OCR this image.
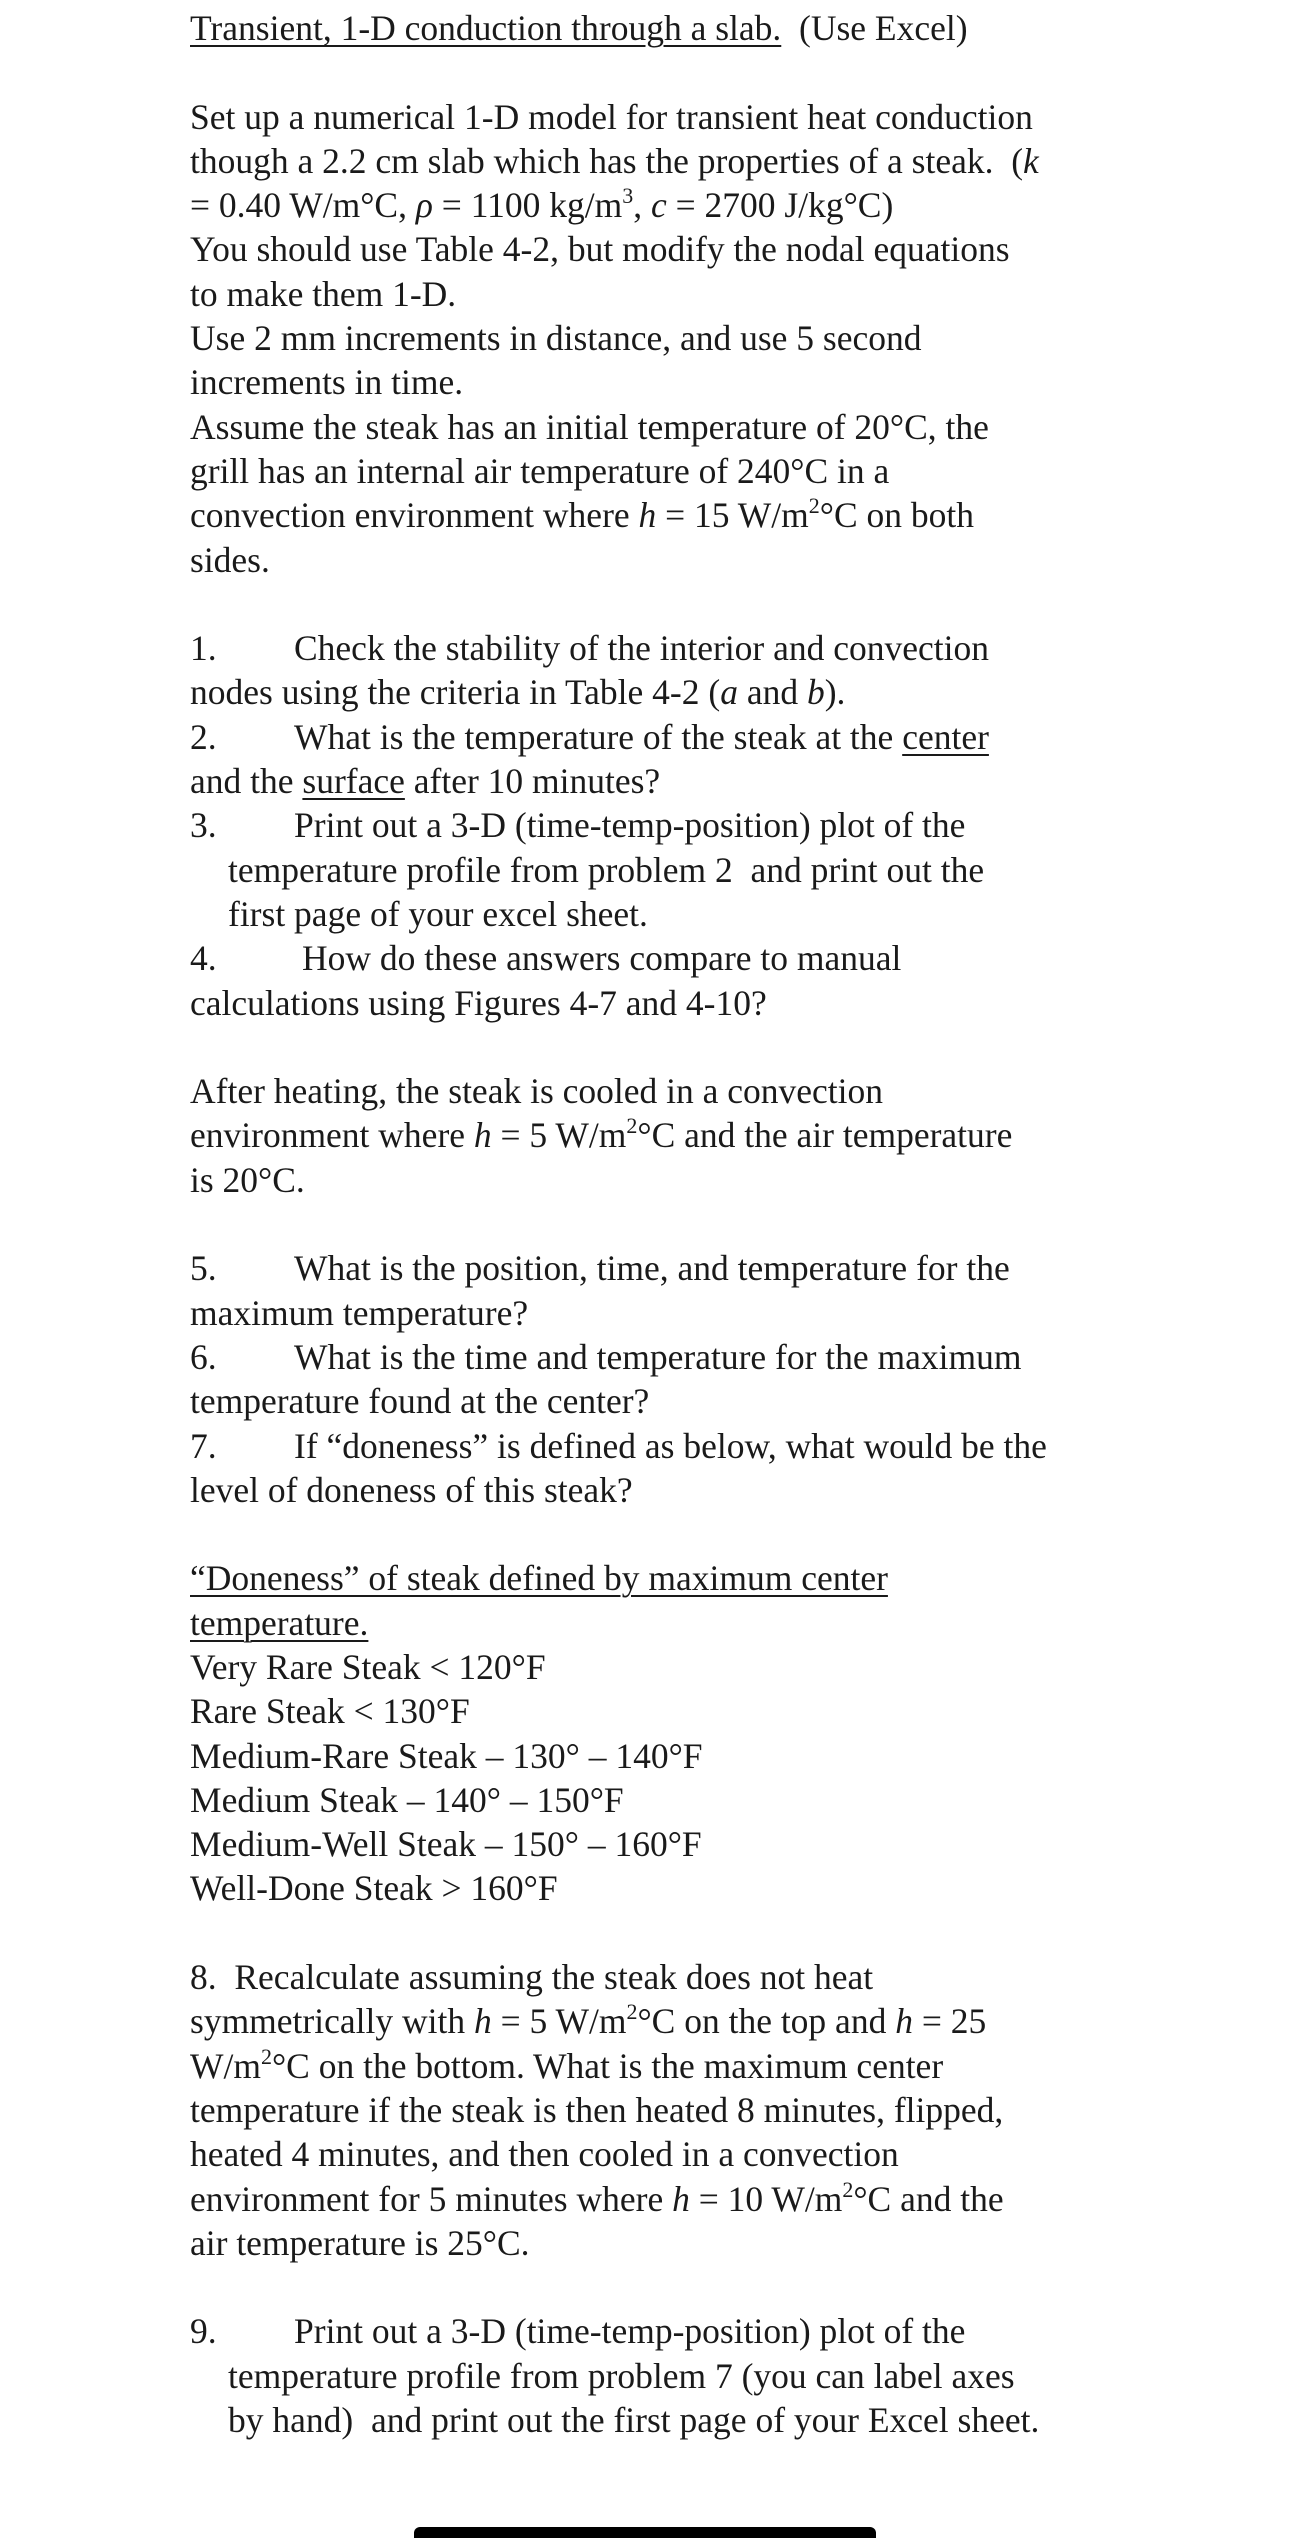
Transient, 1-D conduction through a slab.  (Use Excel)
Set up a numerical 1-D model for transient heat conduction
though a 2.2 cm slab which has the properties of a steak.  (k
= 0.40 W/m°C, ρ = 1100 $kg/m^3$, c = 2700 J/kg°C)
You should use Table 4-2, but modify the nodal equations
to make them 1-D.
Use 2 mm increments in distance, and use 5 second
increments in time.
Assume the steak has an initial temperature of 20°C, the
grill has an internal air temperature of 240°C in a
convection environment where h = 15 $W/m^2^\circ C$ on both
sides.
1. Check the stability of the interior and convection
nodes using the criteria in Table 4-2 (a and b).
2. What is the temperature of the steak at the center
and the surface after 10 minutes?
3. Print out a 3-D (time-temp-position) plot of the
temperature profile from problem 2  and print out the
first page of your excel sheet.
4. How do these answers compare to manual
calculations using Figures 4-7 and 4-10?
After heating, the steak is cooled in a convection
environment where h = 5 $W/m^2^\circ C$ and the air temperature
is 20°C.
5. What is the position, time, and temperature for the
maximum temperature?
6. What is the time and temperature for the maximum
temperature found at the center?
7. If “doneness” is defined as below, what would be the
level of doneness of this steak?
“Doneness” of steak defined by maximum center
temperature.
Very Rare Steak < 120°F
Rare Steak < 130°F
Medium-Rare Steak – 130° – 140°F
Medium Steak – 140° – 150°F
Medium-Well Steak – 150° – 160°F
Well-Done Steak > 160°F
8.  Recalculate assuming the steak does not heat
symmetrically with h = 5 $W/m^2^\circ C$ on the top and h = 25
$W/m^2^\circ C$ on the bottom. What is the maximum center
temperature if the steak is then heated 8 minutes, flipped,
heated 4 minutes, and then cooled in a convection
environment for 5 minutes where h = 10 $W/m^2^\circ C$ and the
air temperature is 25°C.
9. Print out a 3-D (time-temp-position) plot of the
temperature profile from problem 7 (you can label axes
by hand)  and print out the first page of your Excel sheet.
